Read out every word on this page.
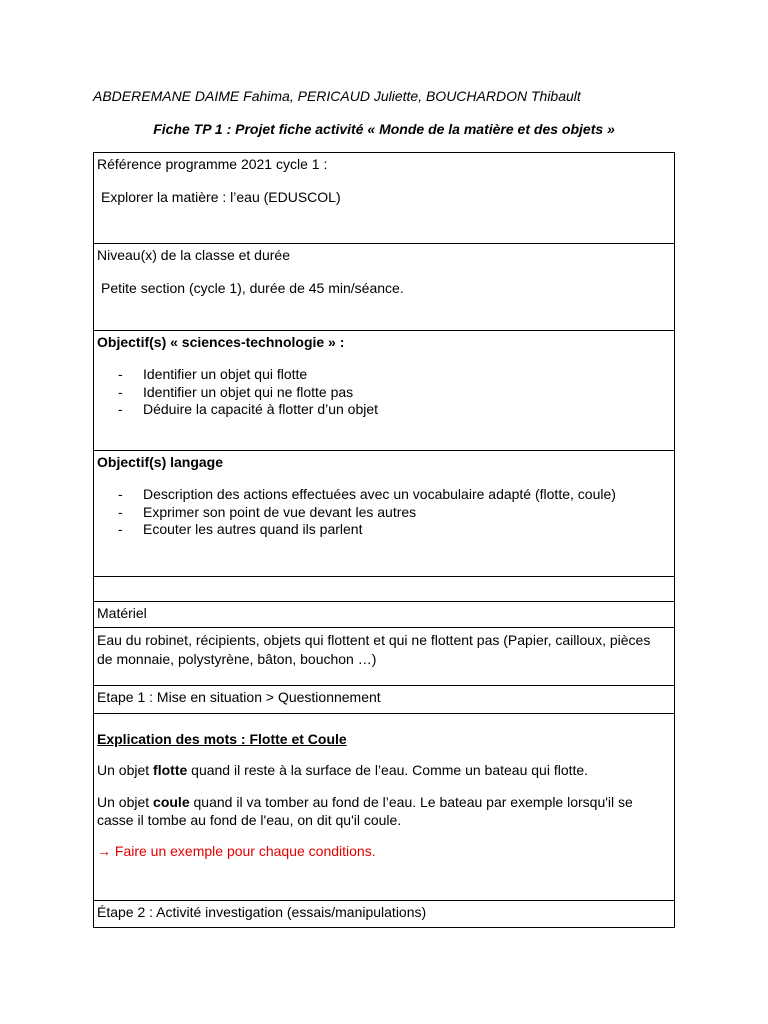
ABDEREMANE DAIME Fahima, PERICAUD Juliette, BOUCHARDON Thibault
Fiche TP 1 : Projet fiche activité « Monde de la matière et des objets »

Référence programme 2021 cycle 1 :

Explorer la matière : l’eau (EDUSCOL)

Niveau(x) de la classe et durée

Petite section (cycle 1), durée de 45 min/séance.

Objectif(s) « sciences-technologie » :

- Identifier un objet qui flotte
- Identifier un objet qui ne flotte pas
- Déduire la capacité à flotter d’un objet

Objectif(s) langage

- Description des actions effectuées avec un vocabulaire adapté (flotte, coule)
- Exprimer son point de vue devant les autres
- Ecouter les autres quand ils parlent

Matériel

Eau du robinet, récipients, objets qui flottent et qui ne flottent pas (Papier, cailloux, pièces

de monnaie, polystyrène, bâton, bouchon …)

Etape 1 : Mise en situation > Questionnement

Explication des mots : Flotte et Coule

Un objet flotte quand il reste à la surface de l’eau. Comme un bateau qui flotte.

Un objet coule quand il va tomber au fond de l’eau. Le bateau par exemple lorsqu'il se

casse il tombe au fond de l'eau, on dit qu'il coule.

→ Faire un exemple pour chaque conditions.

Étape 2 : Activité investigation (essais/manipulations)
